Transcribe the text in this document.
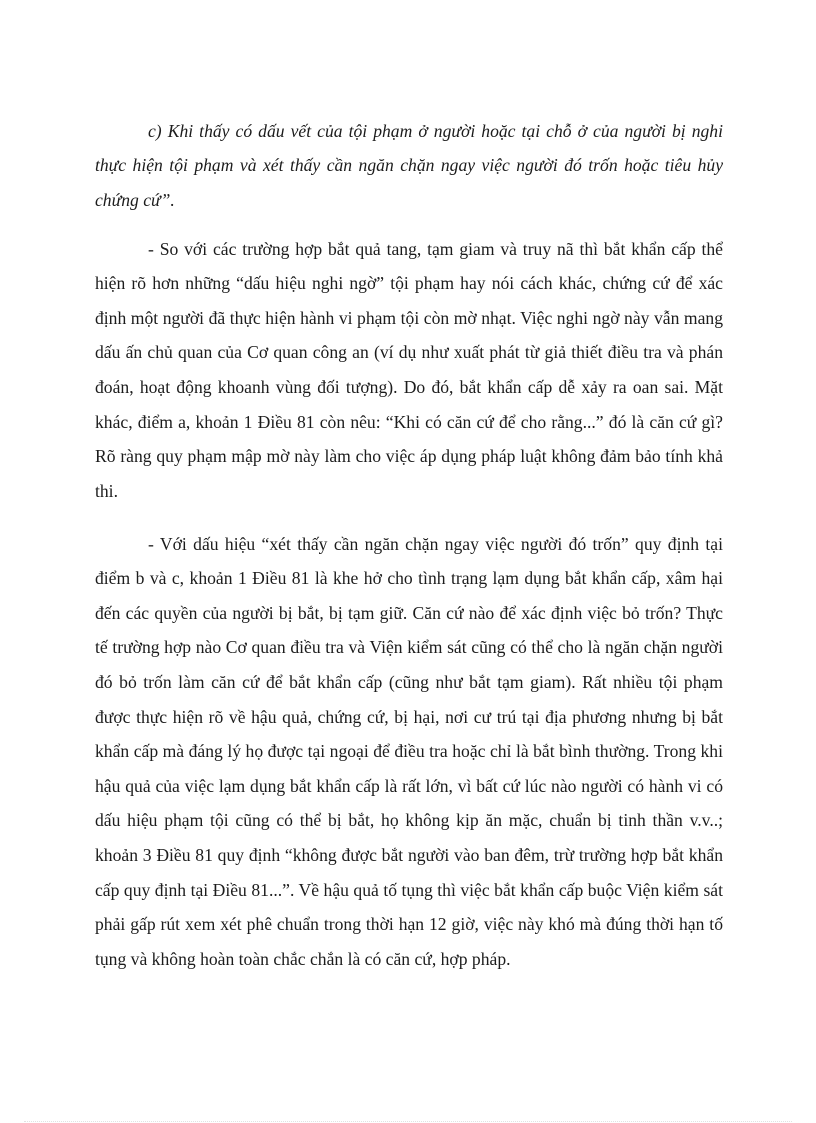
c) Khi thấy có dấu vết của tội phạm ở người hoặc tại chỗ ở của người bị nghi thực hiện tội phạm và xét thấy cần ngăn chặn ngay việc người đó trốn hoặc tiêu hủy chứng cứ”.

- So với các trường hợp bắt quả tang, tạm giam và truy nã thì bắt khẩn cấp thể hiện rõ hơn những “dấu hiệu nghi ngờ” tội phạm hay nói cách khác, chứng cứ để xác định một người đã thực hiện hành vi phạm tội còn mờ nhạt. Việc nghi ngờ này vẫn mang dấu ấn chủ quan của Cơ quan công an (ví dụ như xuất phát từ giả thiết điều tra và phán đoán, hoạt động khoanh vùng đối tượng). Do đó, bắt khẩn cấp dễ xảy ra oan sai. Mặt khác, điểm a, khoản 1 Điều 81 còn nêu: “Khi có căn cứ để cho rằng...” đó là căn cứ gì? Rõ ràng quy phạm mập mờ này làm cho việc áp dụng pháp luật không đảm bảo tính khả thi.

- Với dấu hiệu “xét thấy cần ngăn chặn ngay việc người đó trốn” quy định tại điểm b và c, khoản 1 Điều 81 là khe hở cho tình trạng lạm dụng bắt khẩn cấp, xâm hại đến các quyền của người bị bắt, bị tạm giữ. Căn cứ nào để xác định việc bỏ trốn? Thực tế trường hợp nào Cơ quan điều tra và Viện kiểm sát cũng có thể cho là ngăn chặn người đó bỏ trốn làm căn cứ để bắt khẩn cấp (cũng như bắt tạm giam). Rất nhiều tội phạm được thực hiện rõ về hậu quả, chứng cứ, bị hại, nơi cư trú tại địa phương nhưng bị bắt khẩn cấp mà đáng lý họ được tại ngoại để điều tra hoặc chỉ là bắt bình thường. Trong khi hậu quả của việc lạm dụng bắt khẩn cấp là rất lớn, vì bất cứ lúc nào người có hành vi có dấu hiệu phạm tội cũng có thể bị bắt, họ không kịp ăn mặc, chuẩn bị tinh thần v.v..; khoản 3 Điều 81 quy định “không được bắt người vào ban đêm, trừ trường hợp bắt khẩn cấp quy định tại Điều 81...”. Về hậu quả tố tụng thì việc bắt khẩn cấp buộc Viện kiểm sát phải gấp rút xem xét phê chuẩn trong thời hạn 12 giờ, việc này khó mà đúng thời hạn tố tụng và không hoàn toàn chắc chắn là có căn cứ, hợp pháp.
